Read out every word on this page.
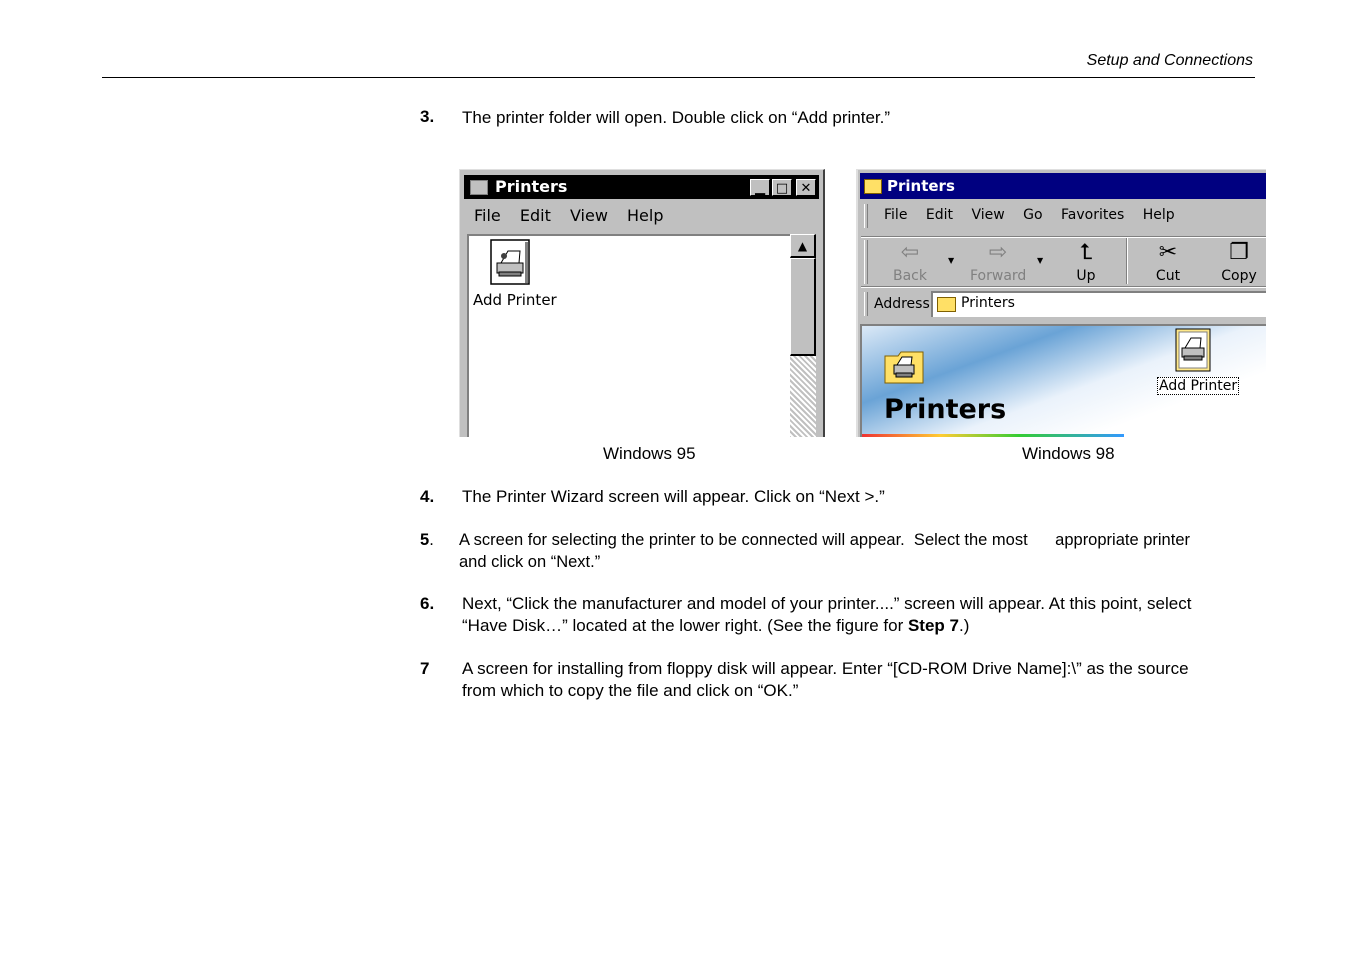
Setup and Connections
3. The printer folder will open. Double click on “Add printer.”
Printers	▁ □ ✕
File Edit View Help
Add Printer
▲
Printers
File Edit View Go Favorites Help
⇦
Back
▼	⇨
Forward
▼	⮤
Up
✂
Cut
❐
Copy
Address Printers
Printers
Add Printer
Windows 95	Windows 98
4. The Printer Wizard screen will appear. Click on “Next >.”
5. A screen for selecting the printer to be connected will appear.  Select the most      appropriate printer and click on “Next.”
6. Next, “Click the manufacturer and model of your printer....” screen will appear. At this point, select “Have Disk…” located at the lower right. (See the figure for Step 7.)
7 A screen for installing from floppy disk will appear. Enter “[CD-ROM Drive Name]:\” as the source from which to copy the file and click on “OK.”
